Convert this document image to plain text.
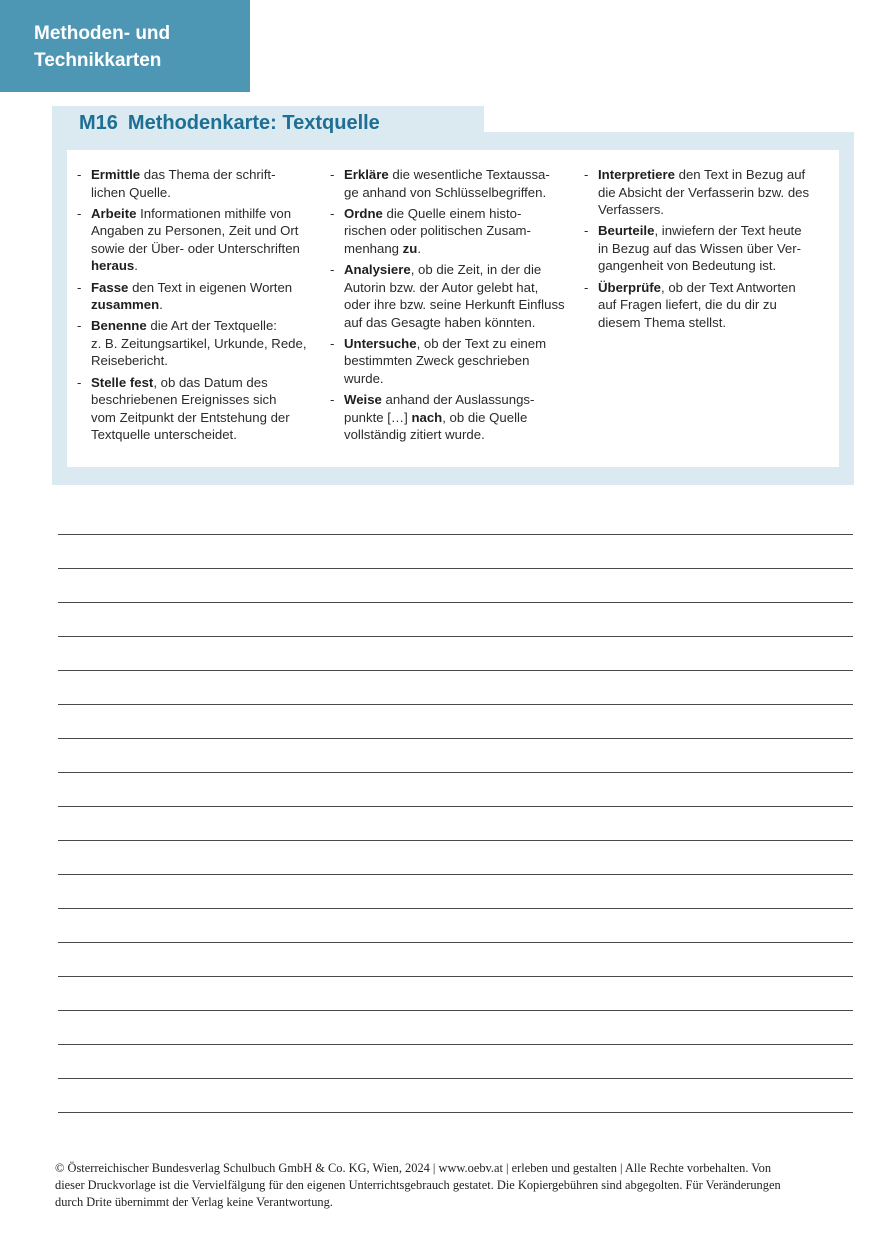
Methoden- und
Technikkarten
M16 Methodenkarte: Textquelle
- Ermittle das Thema der schrift-
lichen Quelle.
- Arbeite Informationen mithilfe von
Angaben zu Personen, Zeit und Ort
sowie der Über- oder Unterschriften
heraus.
- Fasse den Text in eigenen Worten
zusammen.
- Benenne die Art der Textquelle:
z. B. Zeitungsartikel, Urkunde, Rede,
Reisebericht.
- Stelle fest, ob das Datum des
beschriebenen Ereignisses sich
vom Zeitpunkt der Entstehung der
Textquelle unterscheidet.
- Erkläre die wesentliche Textaussa-
ge anhand von Schlüsselbegriffen.
- Ordne die Quelle einem histo-
rischen oder politischen Zusam-
menhang zu.
- Analysiere, ob die Zeit, in der die
Autorin bzw. der Autor gelebt hat,
oder ihre bzw. seine Herkunft Einfluss
auf das Gesagte haben könnten.
- Untersuche, ob der Text zu einem
bestimmten Zweck geschrieben
wurde.
- Weise anhand der Auslassungs-
punkte […] nach, ob die Quelle
vollständig zitiert wurde.
- Interpretiere den Text in Bezug auf
die Absicht der Verfasserin bzw. des
Verfassers.
- Beurteile, inwiefern der Text heute
in Bezug auf das Wissen über Ver-
gangenheit von Bedeutung ist.
- Überprüfe, ob der Text Antworten
auf Fragen liefert, die du dir zu
diesem Thema stellst.
© Österreichischer Bundesverlag Schulbuch GmbH & Co. KG, Wien, 2024 | www.oebv.at | erleben und gestalten | Alle Rechte vorbehalten. Von
dieser Druckvorlage ist die Vervielfälgung für den eigenen Unterrichtsgebrauch gestatet. Die Kopiergebühren sind abgegolten. Für Veränderungen
durch Drite übernimmt der Verlag keine Verantwortung.
